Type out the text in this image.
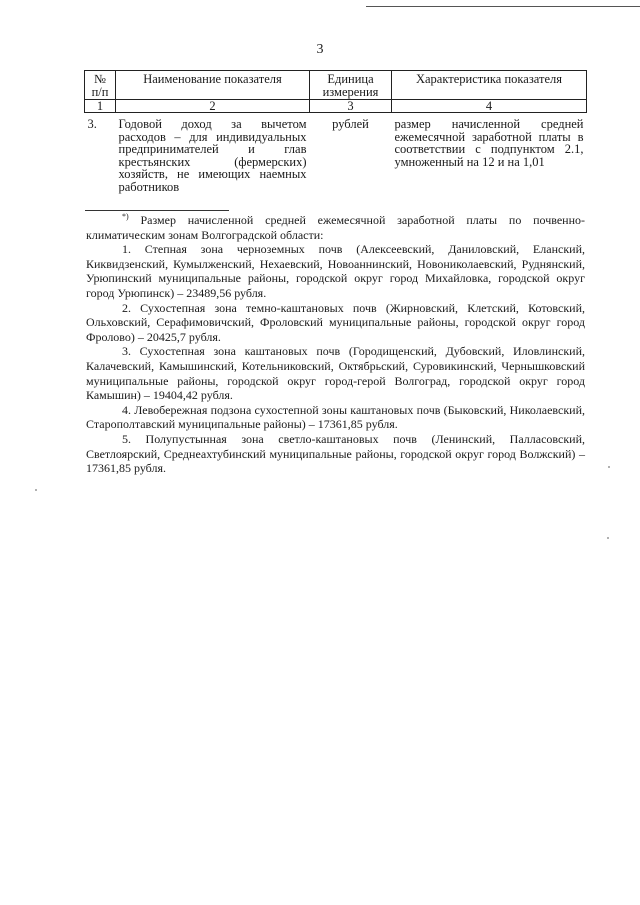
3
№ п/п	Наименование показателя	Единица измерения	Характеристика показателя
1	2	3	4
3.	Годовой доход за вычетом расходов – для индивидуальных предпринимателей и глав крестьянских (фермерских) хозяйств, не имеющих наемных работников	рублей	размер начисленной средней ежемесячной заработной платы в соответствии с подпунктом 2.1, умноженный на 12 и на 1,01

*) Размер начисленной средней ежемесячной заработной платы по почвенно-климатическим зонам Волгоградской области:

1. Степная зона черноземных почв (Алексеевский, Даниловский, Еланский, Киквидзенский, Кумылженский, Нехаевский, Новоаннинский, Новониколаевский, Руднянский, Урюпинский муниципальные районы, городской округ город Михайловка, городской округ город Урюпинск) – 23489,56 рубля.

2. Сухостепная зона темно-каштановых почв (Жирновский, Клетский, Котовский, Ольховский, Серафимовичский, Фроловский муниципальные районы, городской округ город Фролово) – 20425,7 рубля.

3. Сухостепная зона каштановых почв (Городищенский, Дубовский, Иловлинский, Калачевский, Камышинский, Котельниковский, Октябрьский, Суровикинский, Чернышковский муниципальные районы, городской округ город-герой Волгоград, городской округ город Камышин) – 19404,42 рубля.

4. Левобережная подзона сухостепной зоны каштановых почв (Быковский, Николаевский, Старополтавский муниципальные районы) – 17361,85 рубля.

5. Полупустынная зона светло-каштановых почв (Ленинский, Палласовский, Светлоярский, Среднеахтубинский муниципальные районы, городской округ город Волжский) – 17361,85 рубля.
